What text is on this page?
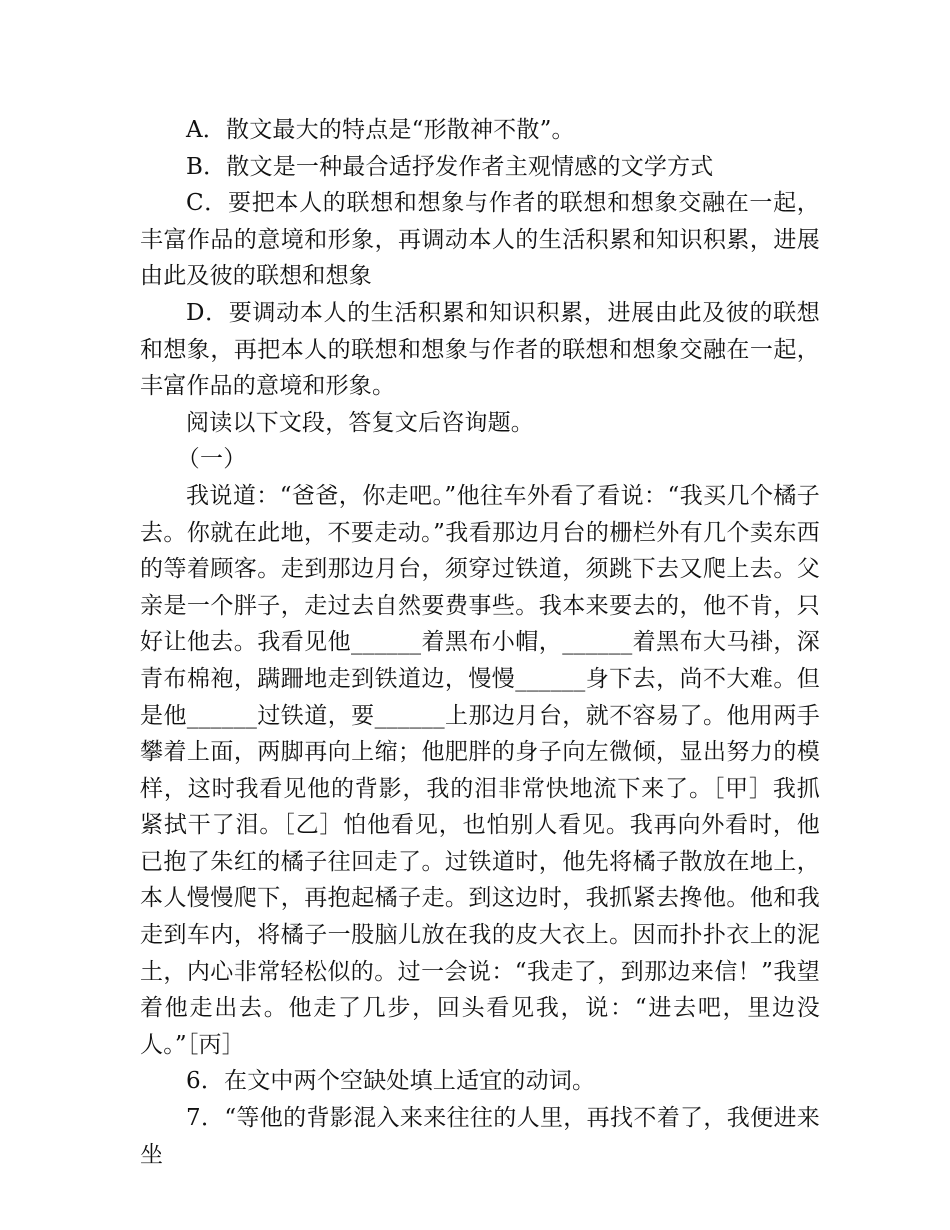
A．散文最大的特点是“形散神不散”。

B．散文是一种最合适抒发作者主观情感的文学方式

C．要把本人的联想和想象与作者的联想和想象交融在一起，丰富作品的意境和形象，再调动本人的生活积累和知识积累，进展由此及彼的联想和想象

D．要调动本人的生活积累和知识积累，进展由此及彼的联想和想象，再把本人的联想和想象与作者的联想和想象交融在一起，丰富作品的意境和形象。

阅读以下文段，答复文后咨询题。

（一）

我说道：“爸爸，你走吧。”他往车外看了看说：“我买几个橘子去。你就在此地，不要走动。”我看那边月台的栅栏外有几个卖东西的等着顾客。走到那边月台，须穿过铁道，须跳下去又爬上去。父亲是一个胖子，走过去自然要费事些。我本来要去的，他不肯，只好让他去。我看见他______着黑布小帽，______着黑布大马褂，深青布棉袍，蹒跚地走到铁道边，慢慢______身下去，尚不大难。但是他______过铁道，要______上那边月台，就不容易了。他用两手攀着上面，两脚再向上缩；他肥胖的身子向左微倾，显出努力的模样，这时我看见他的背影，我的泪非常快地流下来了。［甲］我抓紧拭干了泪。［乙］怕他看见，也怕别人看见。我再向外看时，他已抱了朱红的橘子往回走了。过铁道时，他先将橘子散放在地上，本人慢慢爬下，再抱起橘子走。到这边时，我抓紧去搀他。他和我走到车内，将橘子一股脑儿放在我的皮大衣上。因而扑扑衣上的泥土，内心非常轻松似的。过一会说：“我走了，到那边来信！”我望着他走出去。他走了几步，回头看见我，说：“进去吧，里边没人。”［丙］

6．在文中两个空缺处填上适宜的动词。

7．“等他的背影混入来来往往的人里，再找不着了，我便进来坐
